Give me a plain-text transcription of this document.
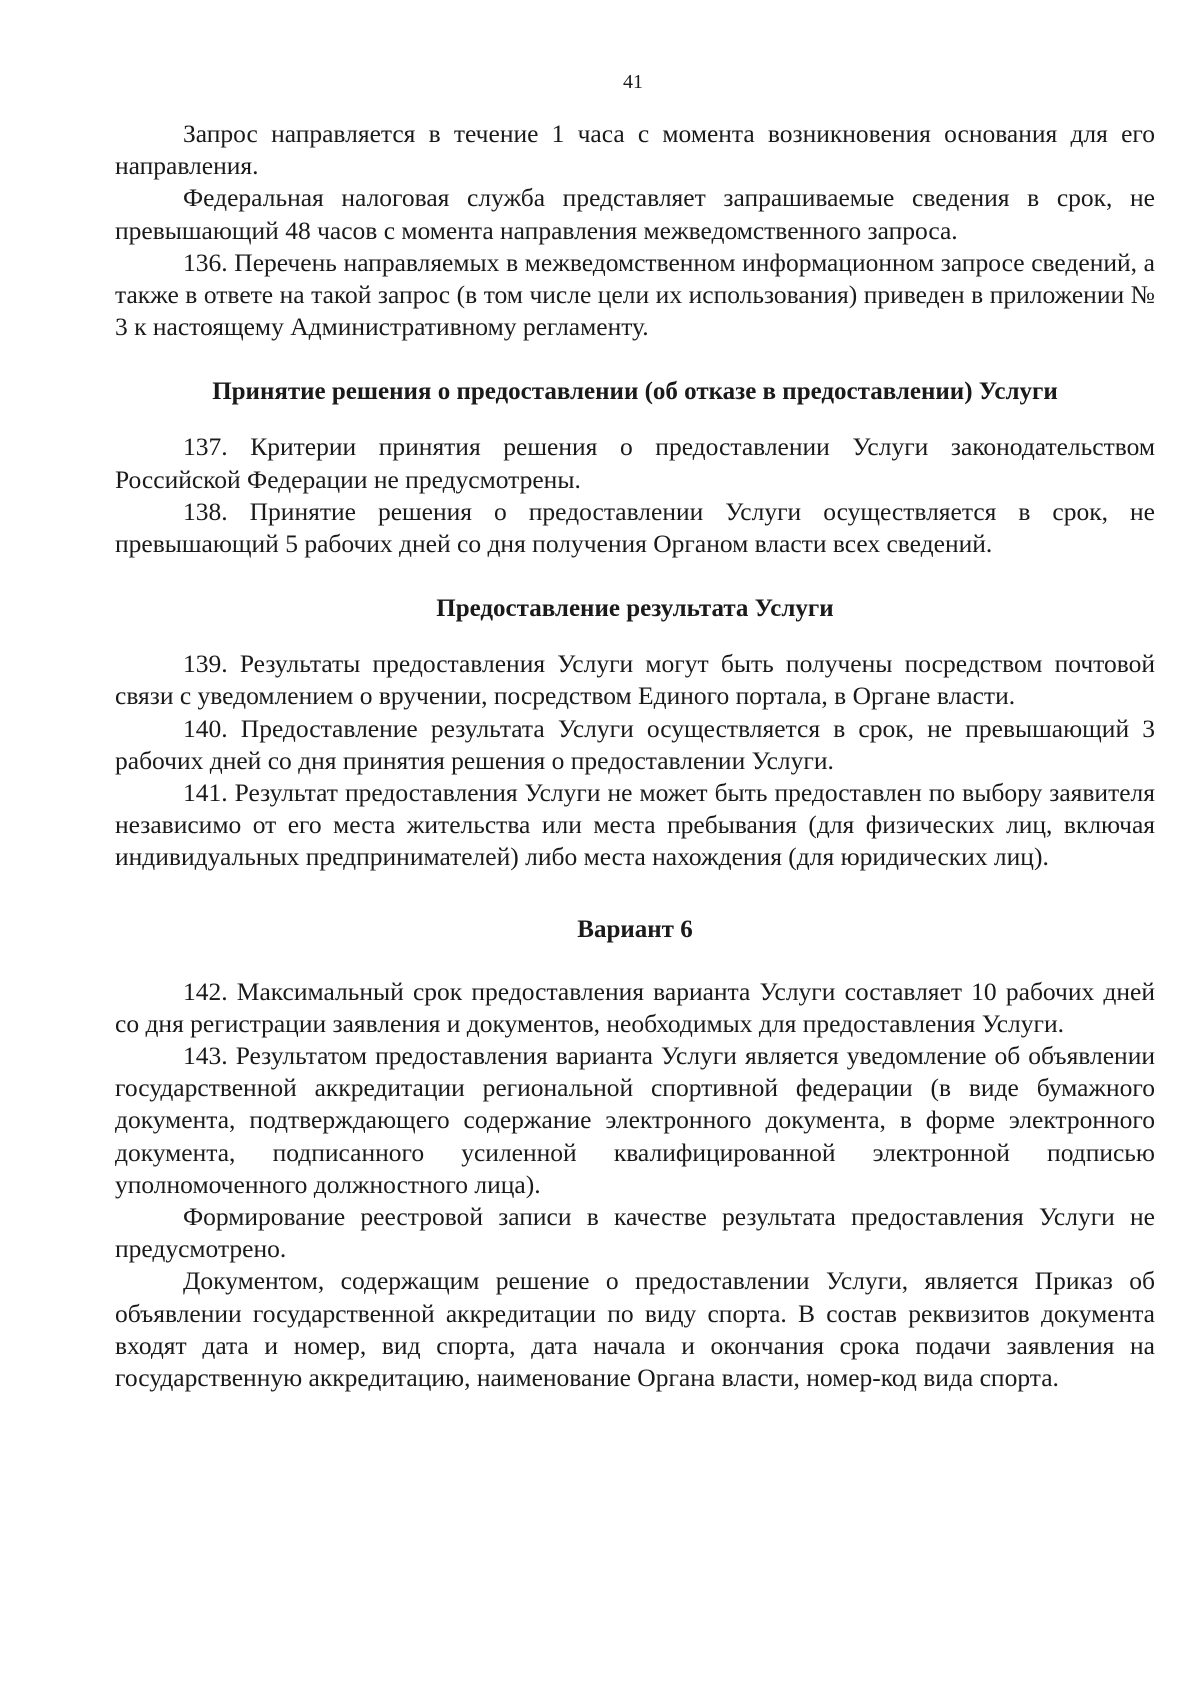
41

Запрос направляется в течение 1 часа с момента возникновения основания для его направления.

Федеральная налоговая служба представляет запрашиваемые сведения в срок, не превышающий 48 часов с момента направления межведомственного запроса.

136. Перечень направляемых в межведомственном информационном запросе сведений, а также в ответе на такой запрос (в том числе цели их использования) приведен в приложении № 3 к настоящему Административному регламенту.

Принятие решения о предоставлении (об отказе в предоставлении) Услуги

137. Критерии принятия решения о предоставлении Услуги законодательством Российской Федерации не предусмотрены.

138. Принятие решения о предоставлении Услуги осуществляется в срок, не превышающий 5 рабочих дней со дня получения Органом власти всех сведений.

Предоставление результата Услуги

139. Результаты предоставления Услуги могут быть получены посредством почтовой связи с уведомлением о вручении, посредством Единого портала, в Органе власти.

140. Предоставление результата Услуги осуществляется в срок, не превышающий 3 рабочих дней со дня принятия решения о предоставлении Услуги.

141. Результат предоставления Услуги не может быть предоставлен по выбору заявителя независимо от его места жительства или места пребывания (для физических лиц, включая индивидуальных предпринимателей) либо места нахождения (для юридических лиц).

Вариант 6

142. Максимальный срок предоставления варианта Услуги составляет 10 рабочих дней со дня регистрации заявления и документов, необходимых для предоставления Услуги.

143. Результатом предоставления варианта Услуги является уведомление об объявлении государственной аккредитации региональной спортивной федерации (в виде бумажного документа, подтверждающего содержание электронного документа, в форме электронного документа, подписанного усиленной квалифицированной электронной подписью уполномоченного должностного лица).

Формирование реестровой записи в качестве результата предоставления Услуги не предусмотрено.

Документом, содержащим решение о предоставлении Услуги, является Приказ об объявлении государственной аккредитации по виду спорта. В состав реквизитов документа входят дата и номер, вид спорта, дата начала и окончания срока подачи заявления на государственную аккредитацию, наименование Органа власти, номер-код вида спорта.
